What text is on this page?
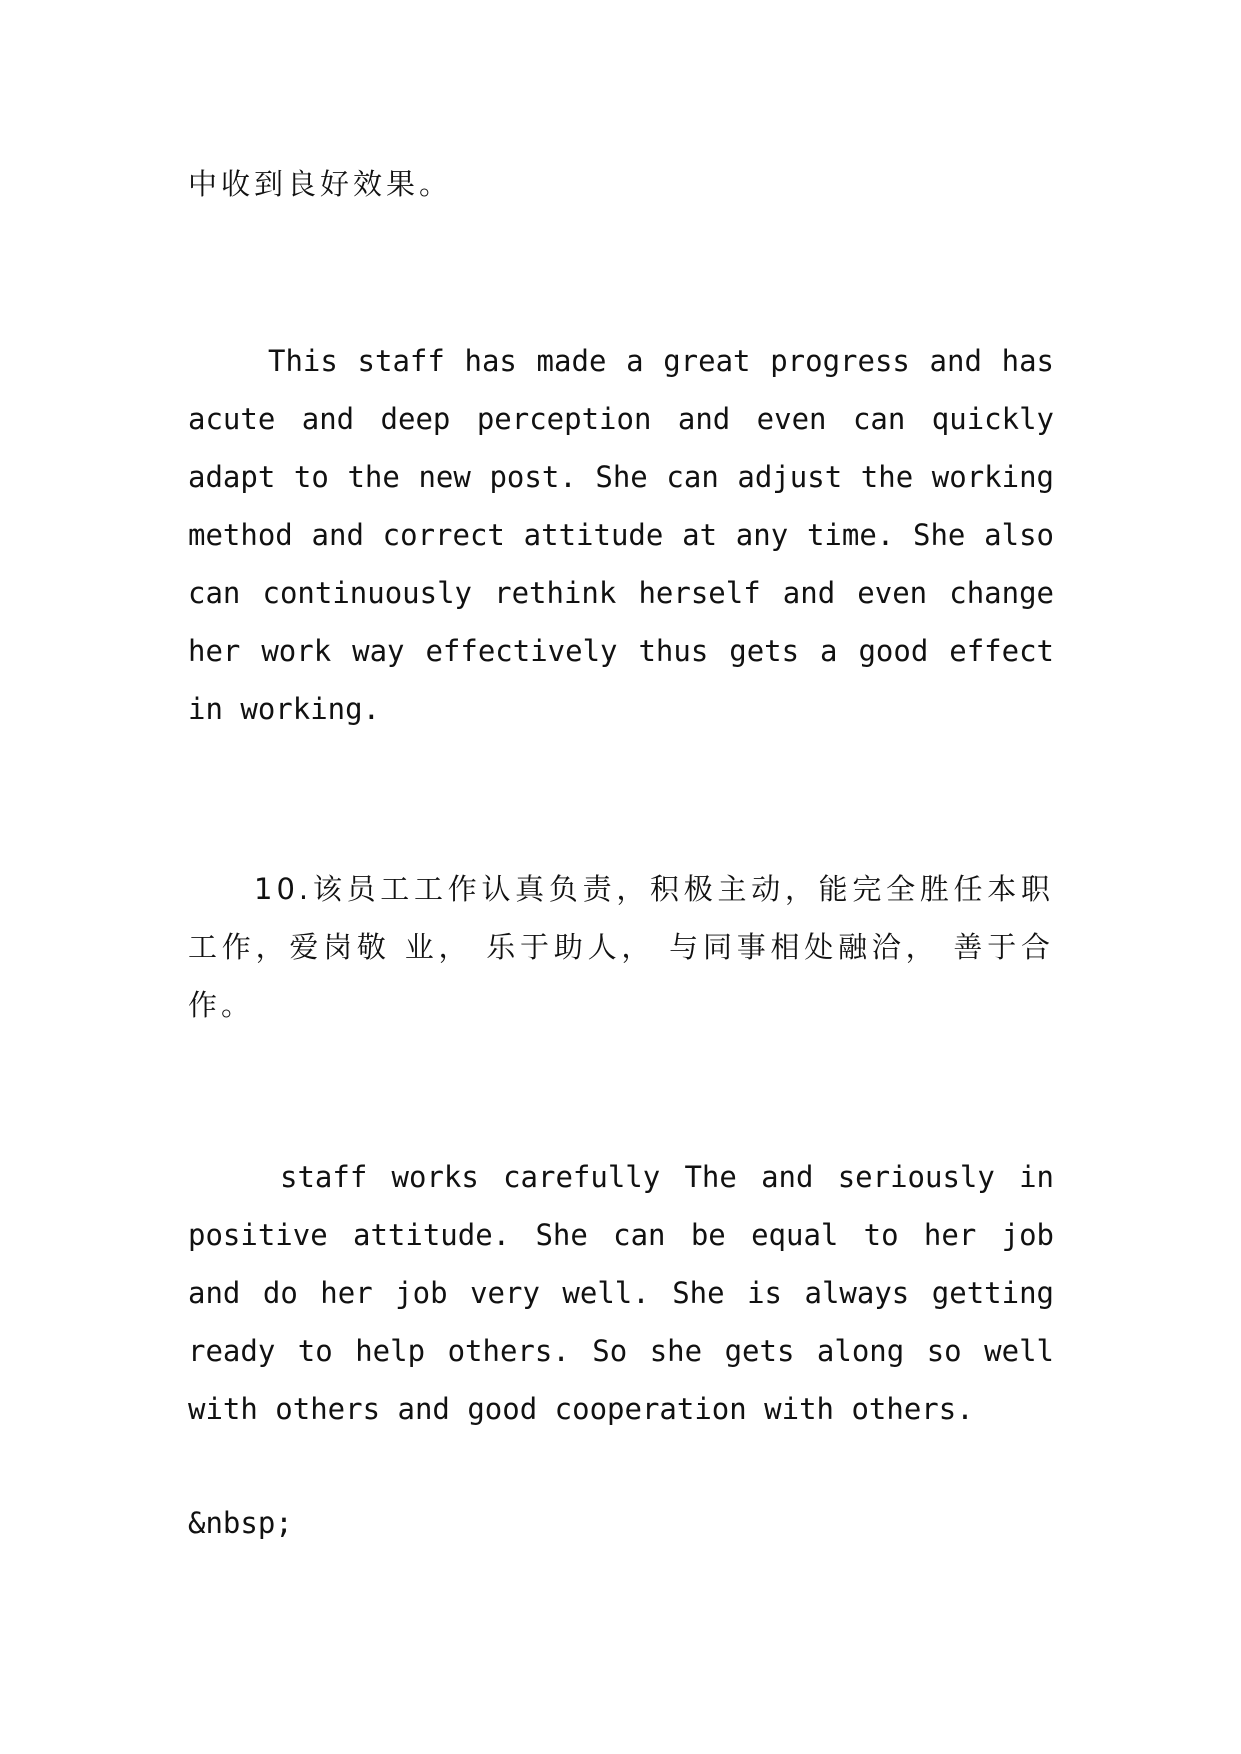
中收到良好效果。

This staff has made a great progress and has acute and deep perception and even can quickly adapt to the new post. She can adjust the working method and correct attitude at any time. She also can continuously rethink herself and even change her work way effectively thus gets a good effect in working.

10.该员工工作认真负责，积极主动，能完全胜任本职工作，爱岗敬 业， 乐于助人， 与同事相处融洽， 善于合作。

staff works carefully The and seriously in positive attitude. She can be equal to her job and do her job very well. She is always getting ready to help others. So she gets along so well with others and good cooperation with others.

&nbsp;
